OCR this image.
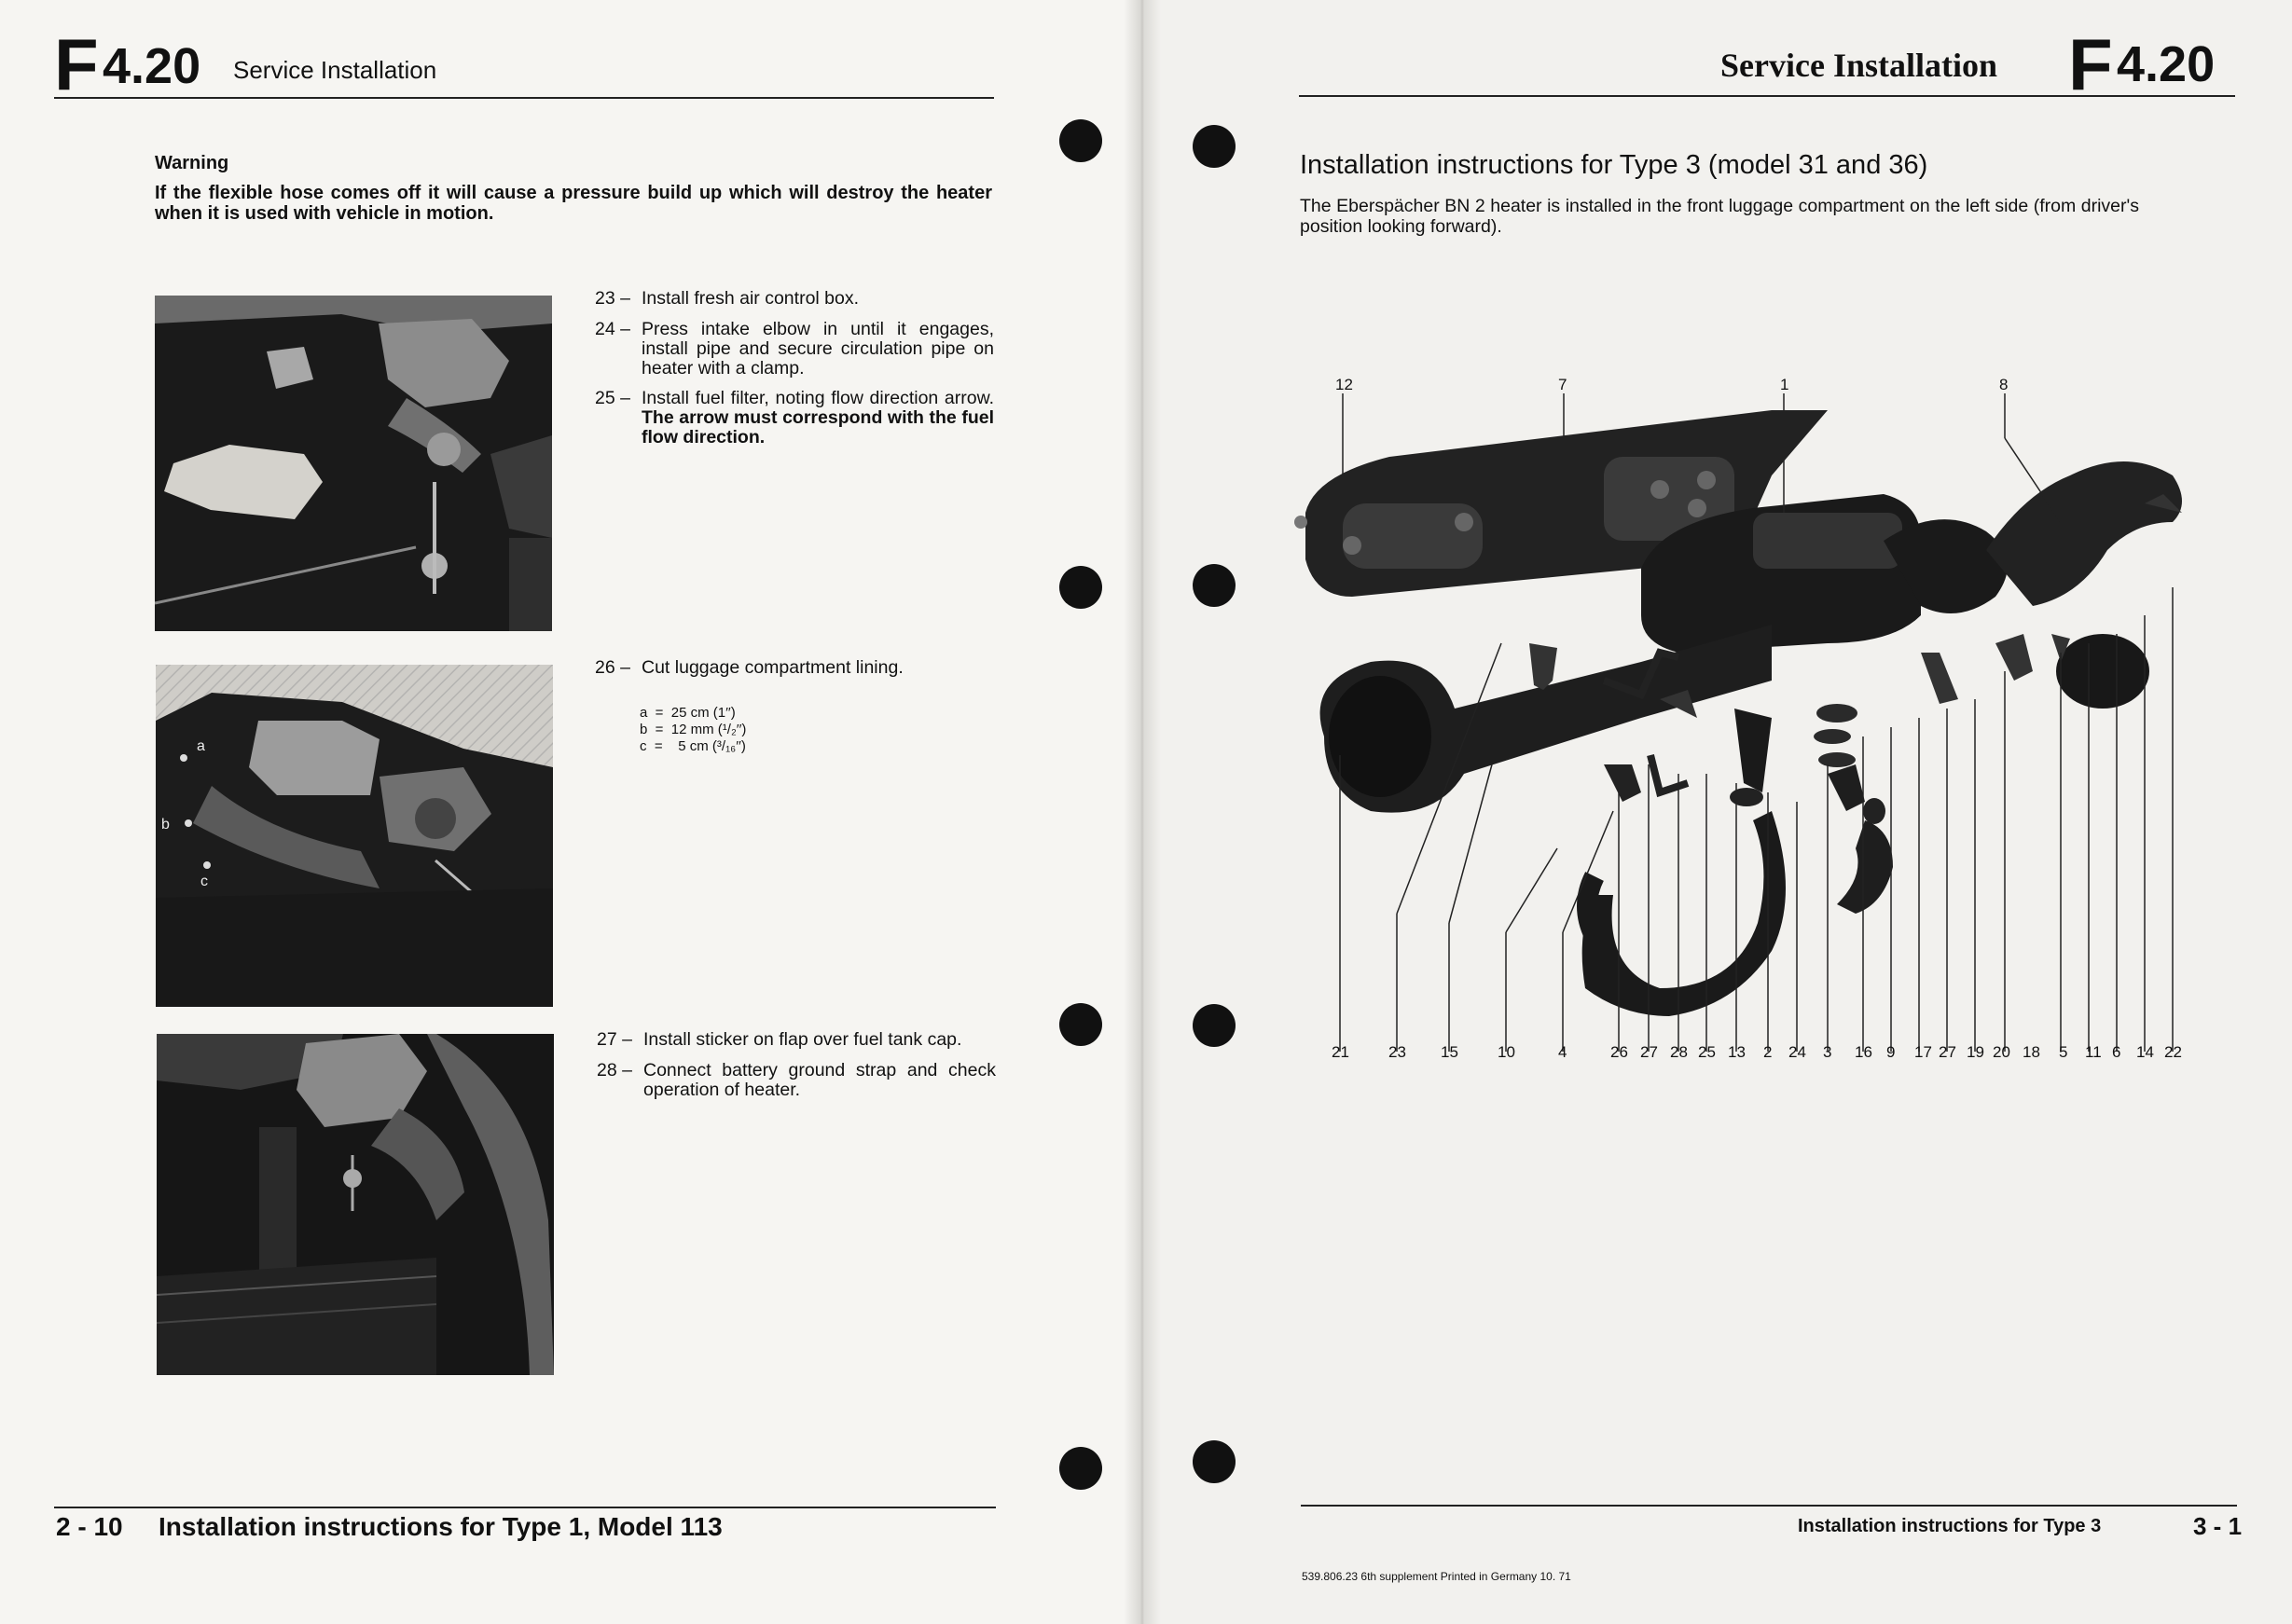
F 4.20 Service Installation
Warning
If the flexible hose comes off it will cause a pressure build up which will destroy the heater when it is used with vehicle in motion.
23 – Install fresh air control box.
24 – Press intake elbow in until it engages, install pipe and secure circulation pipe on heater with a clamp.
25 – Install fuel filter, noting flow direction arrow. The arrow must correspond with the fuel flow direction.
a
b
c
26 – Cut luggage compartment lining.
a  =  25 cm (1′′)
b  =  12 mm (¹/₂′′)
c  =    5 cm (³/₁₆′′)
27 – Install sticker on flap over fuel tank cap.
28 – Connect battery ground strap and check operation of heater.
2 - 10 Installation instructions for Type 1, Model 113
Service Installation F 4.20
Installation instructions for Type 3 (model 31 and 36)
The Eberspächer BN 2 heater is installed in the front luggage compartment on the left side (from driver's position looking forward).
12	7	1	8
21 23 15 10	4	26 27 28 25 13 2 24 3 16 9 17 27 19 20 18 5 11 6 14 22
Installation instructions for Type 3	3 - 1
539.806.23 6th supplement Printed in Germany 10. 71
